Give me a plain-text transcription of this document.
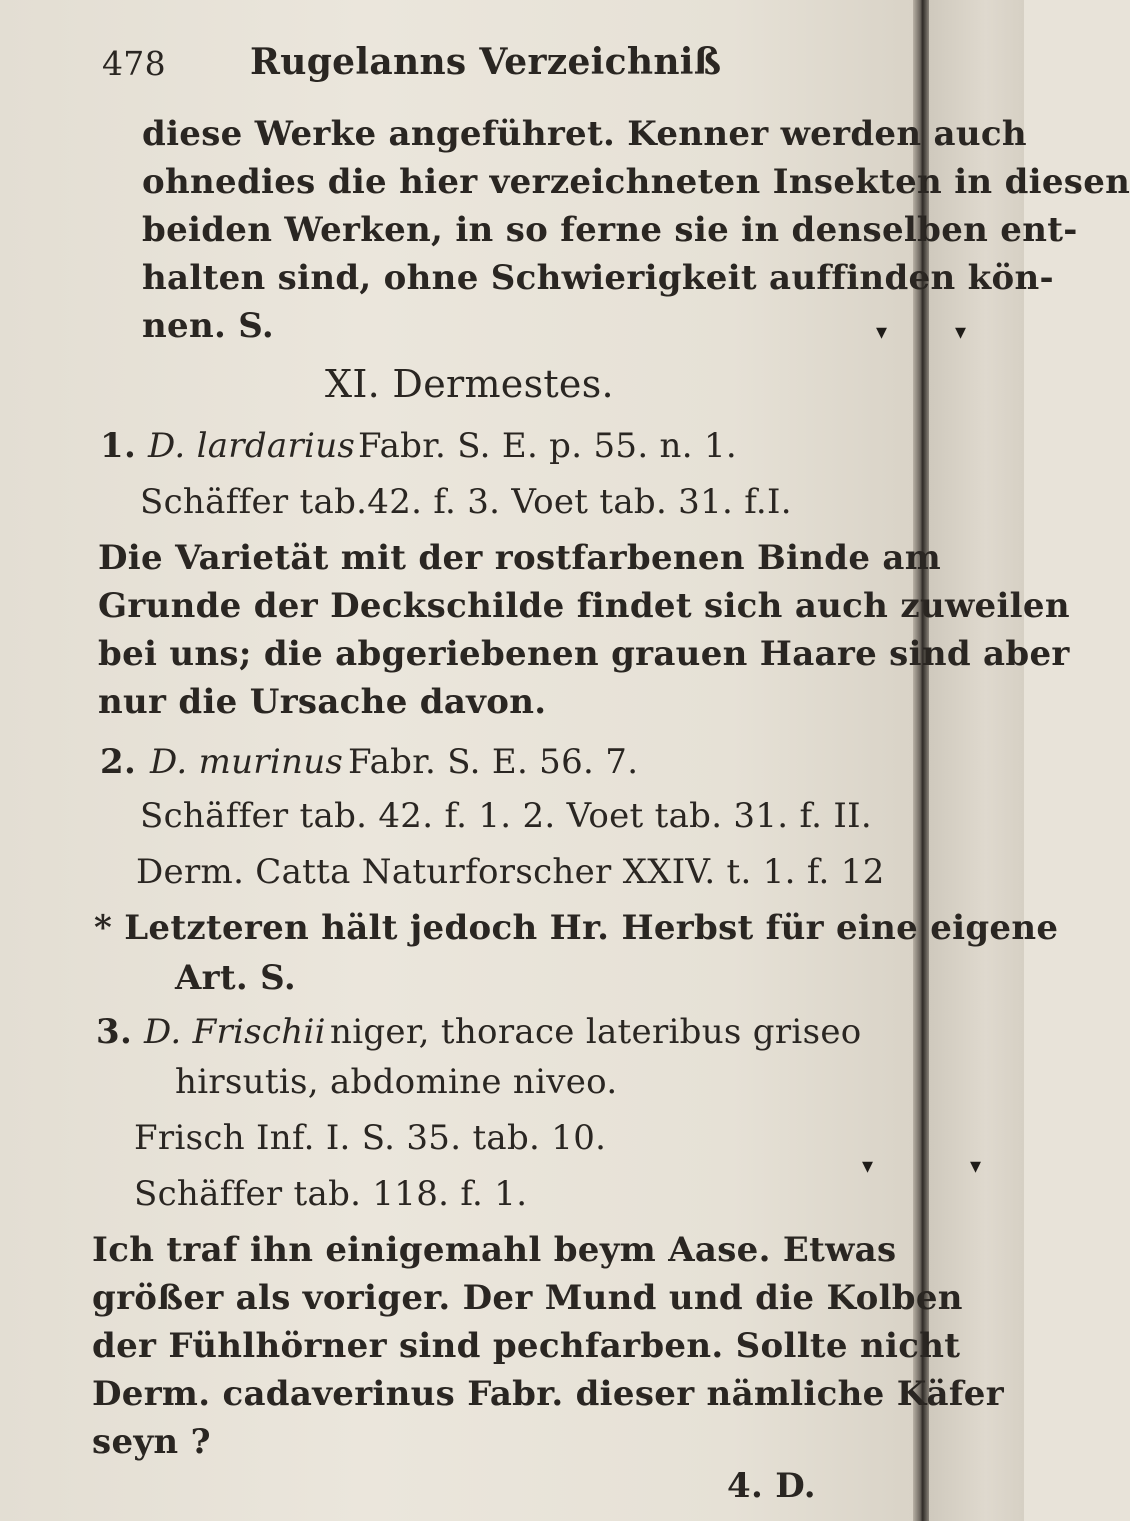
478 Rugelanns Verzeichniß
diese Werke angeführet. Kenner werden auch
ohnedies die hier verzeichneten Insekten in diesen
beiden Werken, in so ferne sie in denselben ent-
halten sind, ohne Schwierigkeit auffinden kön-
nen. S.
XI. Dermestes.
1. D. lardarius Fabr. S. E. p. 55. n. 1.
Schäffer tab.42. f. 3. Voet tab. 31. f.I.
Die Varietät mit der rostfarbenen Binde am
Grunde der Deckschilde findet sich auch zuweilen
bei uns; die abgeriebenen grauen Haare sind aber
nur die Ursache davon.
2. D. murinus Fabr. S. E. 56. 7.
Schäffer tab. 42. f. 1. 2. Voet tab. 31. f. II.
Derm. Catta Naturforscher XXIV. t. 1. f. 12
* Letzteren hält jedoch Hr. Herbst für eine eigene
Art. S.
3. D. Frischii niger, thorace lateribus griseo
hirsutis, abdomine niveo.
Frisch Inf. I. S. 35. tab. 10.
Schäffer tab. 118. f. 1.
Ich traf ihn einigemahl beym Aase. Etwas
größer als voriger. Der Mund und die Kolben
der Fühlhörner sind pechfarben. Sollte nicht
Derm. cadaverinus Fabr. dieser nämliche Käfer
seyn ?
4. D.
▾	▾
▾	▾
